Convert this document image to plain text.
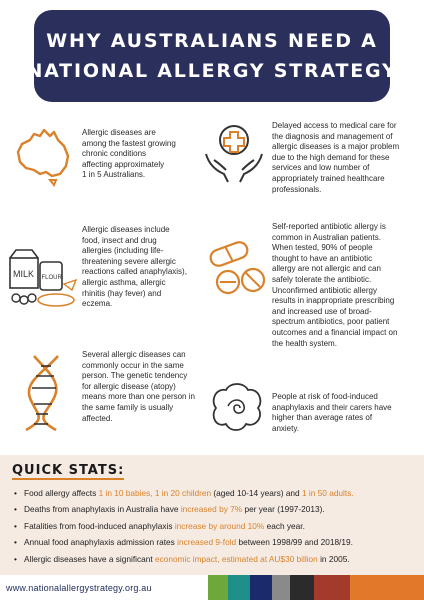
WHY AUSTRALIANS NEED A
NATIONAL ALLERGY STRATEGY
Allergic diseases are
among the fastest growing
chronic conditions
affecting approximately
1 in 5 Australians.
Delayed access to medical care for
the diagnosis and management of
allergic diseases is a major problem
due to the high demand for these
services and low number of
appropriately trained healthcare
professionals.
MILK FLOUR
Allergic diseases include
food, insect and drug
allergies (including life-
threatening severe allergic
reactions called anaphylaxis),
allergic asthma, allergic
rhinitis (hay fever) and
eczema.
Self-reported antibiotic allergy is
common in Australian patients.
When tested, 90% of people
thought to have an antibiotic
allergy are not allergic and can
safely tolerate the antibiotic.
Unconfirmed antibiotic allergy
results in inappropriate prescribing
and increased use of broad-
spectrum antibiotics, poor patient
outcomes and a financial impact on
the health system.
Several allergic diseases can
commonly occur in the same
person. The genetic tendency
for allergic disease (atopy)
means more than one person in
the same family is usually
affected.
People at risk of food-induced
anaphylaxis and their carers have
higher than average rates of
anxiety.
QUICK STATS:
• Food allergy affects 1 in 10 babies, 1 in 20 children (aged 10-14 years) and 1 in 50 adults.
• Deaths from anaphylaxis in Australia have increased by 7% per year (1997-2013).
• Fatalities from food-induced anaphylaxis increase by around 10% each year.
• Annual food anaphylaxis admission rates increased 9-fold between 1998/99 and 2018/19.
• Allergic diseases have a significant economic impact, estimated at AU$30 billion in 2005.
www.nationalallergystrategy.org.au
